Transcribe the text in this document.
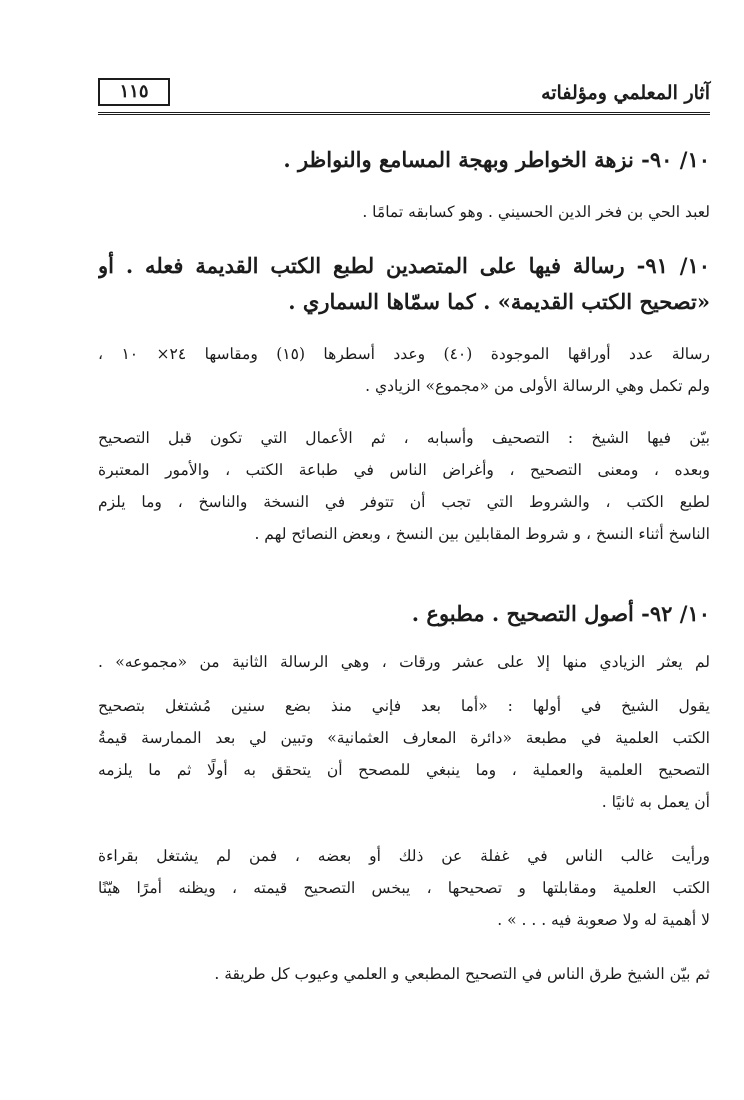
آثار المعلمي ومؤلفاته
١١٥

١٠/ ٩٠- نزهة الخواطر وبهجة المسامع والنواظر .

لعبد الحي بن فخر الدين الحسيني . وهو كسابقه تمامًا .

١٠/ ٩١- رسالة فيها على المتصدين لطبع الكتب القديمة فعله . أو

«تصحيح الكتب القديمة» . كما سمّاها السماري .

رسالة عدد أوراقها الموجودة (٤٠) وعدد أسطرها (١٥) ومقاسها ٢٤× ١٠ ،

ولم تكمل وهي الرسالة الأولى من «مجموع» الزيادي .

بيّن فيها الشيخ : التصحيف وأسبابه ، ثم الأعمال التي تكون قبل التصحيح

وبعده ، ومعنى التصحيح ، وأغراض الناس في طباعة الكتب ، والأمور المعتبرة

لطبع الكتب ، والشروط التي تجب أن تتوفر في النسخة والناسخ ، وما يلزم

الناسخ أثناء النسخ ، و شروط المقابلين بين النسخ ، وبعض النصائح لهم .

١٠/ ٩٢- أصول التصحيح . مطبوع .

لم يعثر الزيادي منها إلا على عشر ورقات ، وهي الرسالة الثانية من «مجموعه» .

يقول الشيخ في أولها : «أما بعد فإني منذ بضع سنين مُشتغل بتصحيح

الكتب العلمية في مطبعة «دائرة المعارف العثمانية» وتبين لي بعد الممارسة قيمةُ

التصحيح العلمية والعملية ، وما ينبغي للمصحح أن يتحقق به أولًا ثم ما يلزمه

أن يعمل به ثانيًا .

ورأيت غالب الناس في غفلة عن ذلك أو بعضه ، فمن لم يشتغل بقراءة

الكتب العلمية ومقابلتها و تصحيحها ، يبخس التصحيح قيمته ، ويظنه أمرًا هيّنًا

لا أهمية له ولا صعوبة فيه . . . » .

ثم بيّن الشيخ طرق الناس في التصحيح المطبعي و العلمي وعيوب كل طريقة .
